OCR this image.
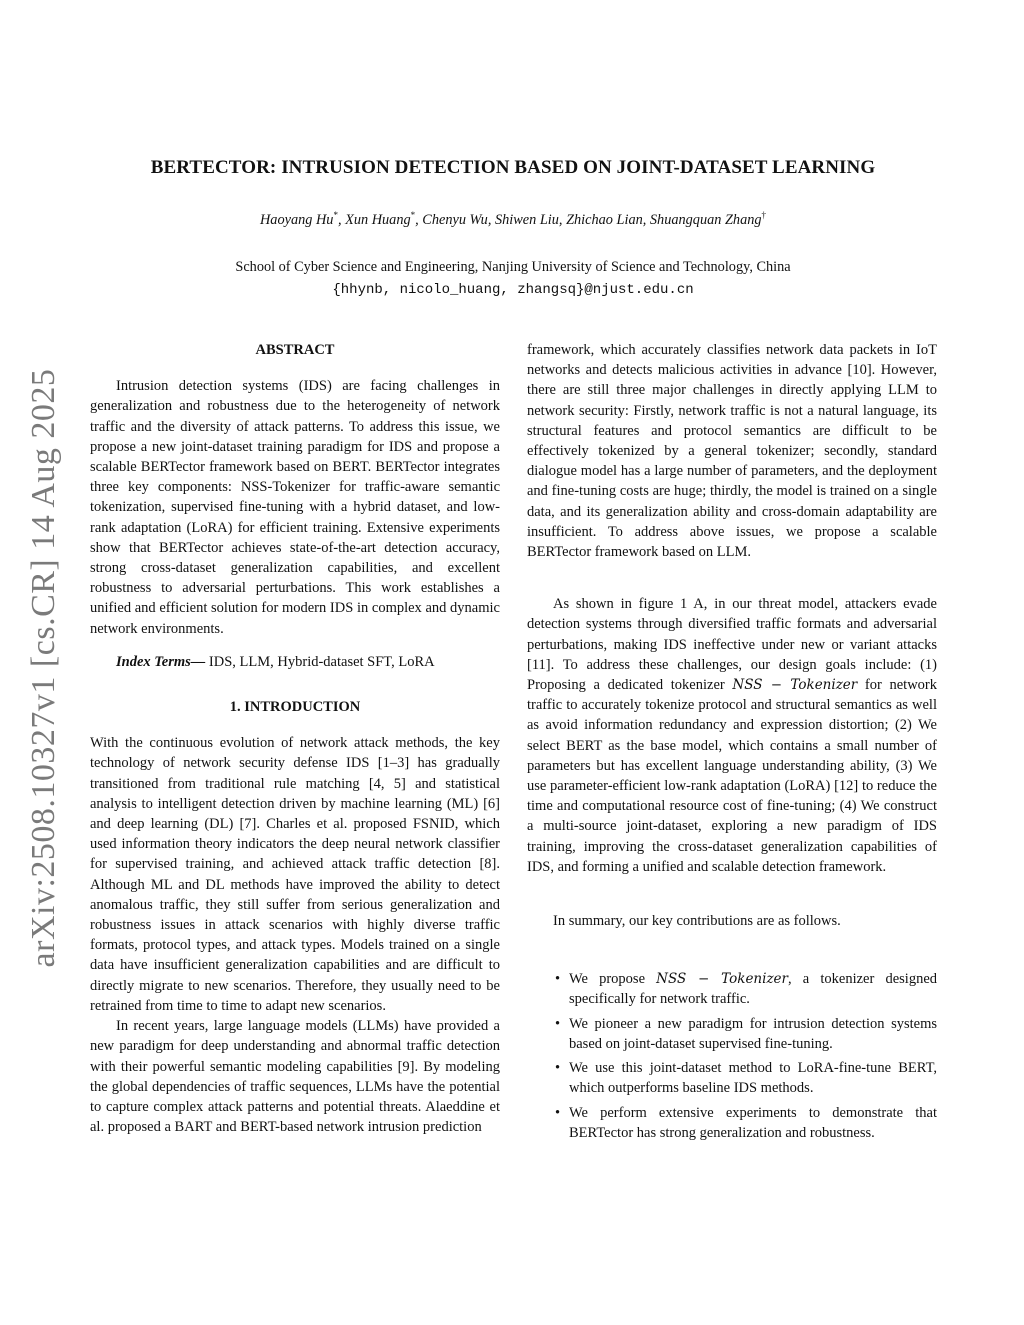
arXiv:2508.10327v1 [cs.CR] 14 Aug 2025
BERTECTOR: INTRUSION DETECTION BASED ON JOINT-DATASET LEARNING
Haoyang Hu*, Xun Huang*, Chenyu Wu, Shiwen Liu, Zhichao Lian, Shuangquan Zhang†
School of Cyber Science and Engineering, Nanjing University of Science and Technology, China
{hhynb, nicolo_huang, zhangsq}@njust.edu.cn
ABSTRACT

Intrusion detection systems (IDS) are facing challenges in generalization and robustness due to the heterogeneity of network traffic and the diversity of attack patterns. To address this issue, we propose a new joint-dataset training paradigm for IDS and propose a scalable BERTector framework based on BERT. BERTector integrates three key components: NSS-Tokenizer for traffic-aware semantic tokenization, supervised fine-tuning with a hybrid dataset, and low-rank adaptation (LoRA) for efficient training. Extensive experiments show that BERTector achieves state-of-the-art detection accuracy, strong cross-dataset generalization capabilities, and excellent robustness to adversarial perturbations. This work establishes a unified and efficient solution for modern IDS in complex and dynamic network environments.

Index Terms— IDS, LLM, Hybrid-dataset SFT, LoRA

1. INTRODUCTION

With the continuous evolution of network attack methods, the key technology of network security defense IDS [1–3] has gradually transitioned from traditional rule matching [4, 5] and statistical analysis to intelligent detection driven by machine learning (ML) [6] and deep learning (DL) [7]. Charles et al. proposed FSNID, which used information theory indicators the deep neural network classifier for supervised training, and achieved attack traffic detection [8]. Although ML and DL methods have improved the ability to detect anomalous traffic, they still suffer from serious generalization and robustness issues in attack scenarios with highly diverse traffic formats, protocol types, and attack types. Models trained on a single data have insufficient generalization capabilities and are difficult to directly migrate to new scenarios. Therefore, they usually need to be retrained from time to time to adapt new scenarios.

In recent years, large language models (LLMs) have provided a new paradigm for deep understanding and abnormal traffic detection with their powerful semantic modeling capabilities [9]. By modeling the global dependencies of traffic sequences, LLMs have the potential to capture complex attack patterns and potential threats. Alaeddine et al. proposed a BART and BERT-based network intrusion prediction

framework, which accurately classifies network data packets in IoT networks and detects malicious activities in advance [10]. However, there are still three major challenges in directly applying LLM to network security: Firstly, network traffic is not a natural language, its structural features and protocol semantics are difficult to be effectively tokenized by a general tokenizer; secondly, standard dialogue model has a large number of parameters, and the deployment and fine-tuning costs are huge; thirdly, the model is trained on a single data, and its generalization ability and cross-domain adaptability are insufficient. To address above issues, we propose a scalable BERTector framework based on LLM.

As shown in figure 1 A, in our threat model, attackers evade detection systems through diversified traffic formats and adversarial perturbations, making IDS ineffective under new or variant attacks [11]. To address these challenges, our design goals include: (1) Proposing a dedicated tokenizer NSS − Tokenizer for network traffic to accurately tokenize protocol and structural semantics as well as avoid information redundancy and expression distortion; (2) We select BERT as the base model, which contains a small number of parameters but has excellent language understanding ability, (3) We use parameter-efficient low-rank adaptation (LoRA) [12] to reduce the time and computational resource cost of fine-tuning; (4) We construct a multi-source joint-dataset, exploring a new paradigm of IDS training, improving the cross-dataset generalization capabilities of IDS, and forming a unified and scalable detection framework.

In summary, our key contributions are as follows.

• We propose NSS − Tokenizer, a tokenizer designed specifically for network traffic.
• We pioneer a new paradigm for intrusion detection systems based on joint-dataset supervised fine-tuning.
• We use this joint-dataset method to LoRA-fine-tune BERT, which outperforms baseline IDS methods.
• We perform extensive experiments to demonstrate that BERTector has strong generalization and robustness.
